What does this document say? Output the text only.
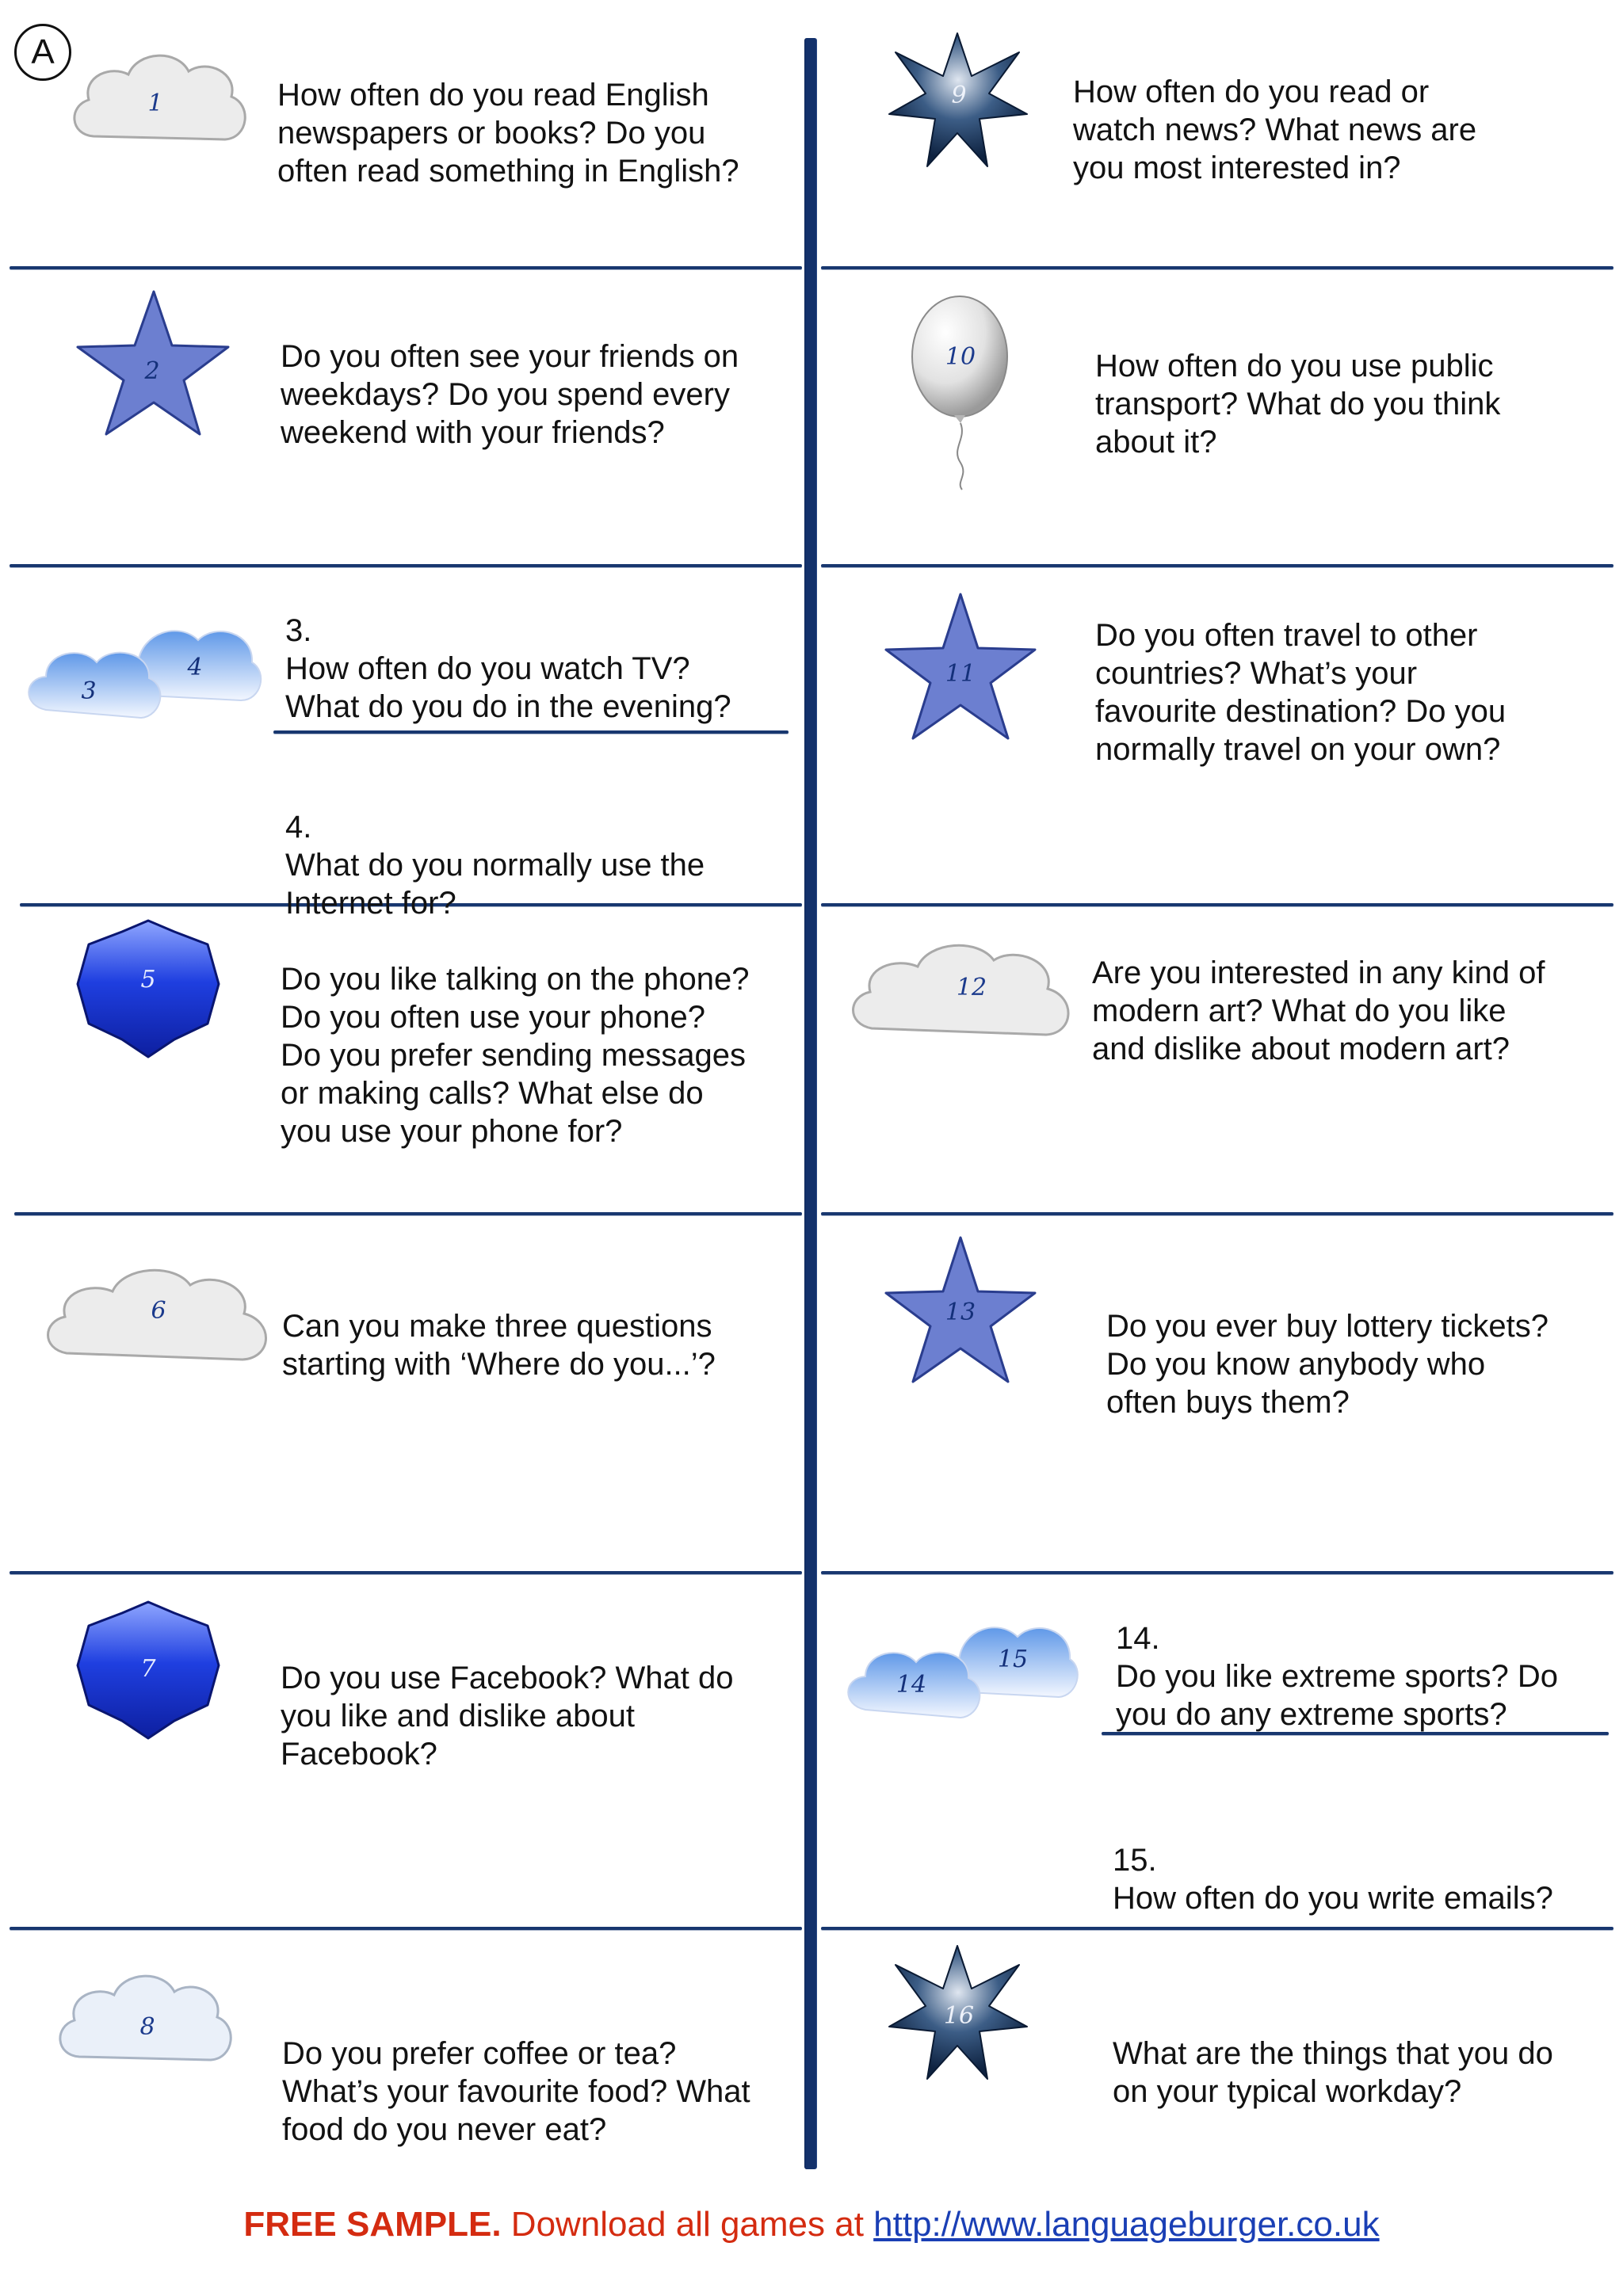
A
1	How often do you read English
newspapers or books? Do you
often read something in English?
2	Do you often see your friends on
weekdays? Do you spend every
weekend with your friends?
3
4

3.
How often do you watch TV?
What do you do in the evening?

4.
What do you normally use the
Internet for?

5	Do you like talking on the phone?
Do you often use your phone?
Do you prefer sending messages
or making calls? What else do
you use your phone for?
6	Can you make three questions
starting with ‘Where do you...’?
7	Do you use Facebook? What do
you like and dislike about
Facebook?
8
Do you prefer coffee or tea?
What’s your favourite food? What
food do you never eat?
9	How often do you read or
watch news? What news are
you most interested in?
10	How often do you use public
transport? What do you think
about it?
11
Do you often travel to other
countries? What’s your
favourite destination? Do you
normally travel on your own?
12	Are you interested in any kind of
modern art? What do you like
and dislike about modern art?
13	Do you ever buy lottery tickets?
Do you know anybody who
often buys them?
14
15

14.
Do you like extreme sports? Do
you do any extreme sports?

15.
How often do you write emails?

16
What are the things that you do
on your typical workday?
FREE SAMPLE. Download all games at http://www.languageburger.co.uk
